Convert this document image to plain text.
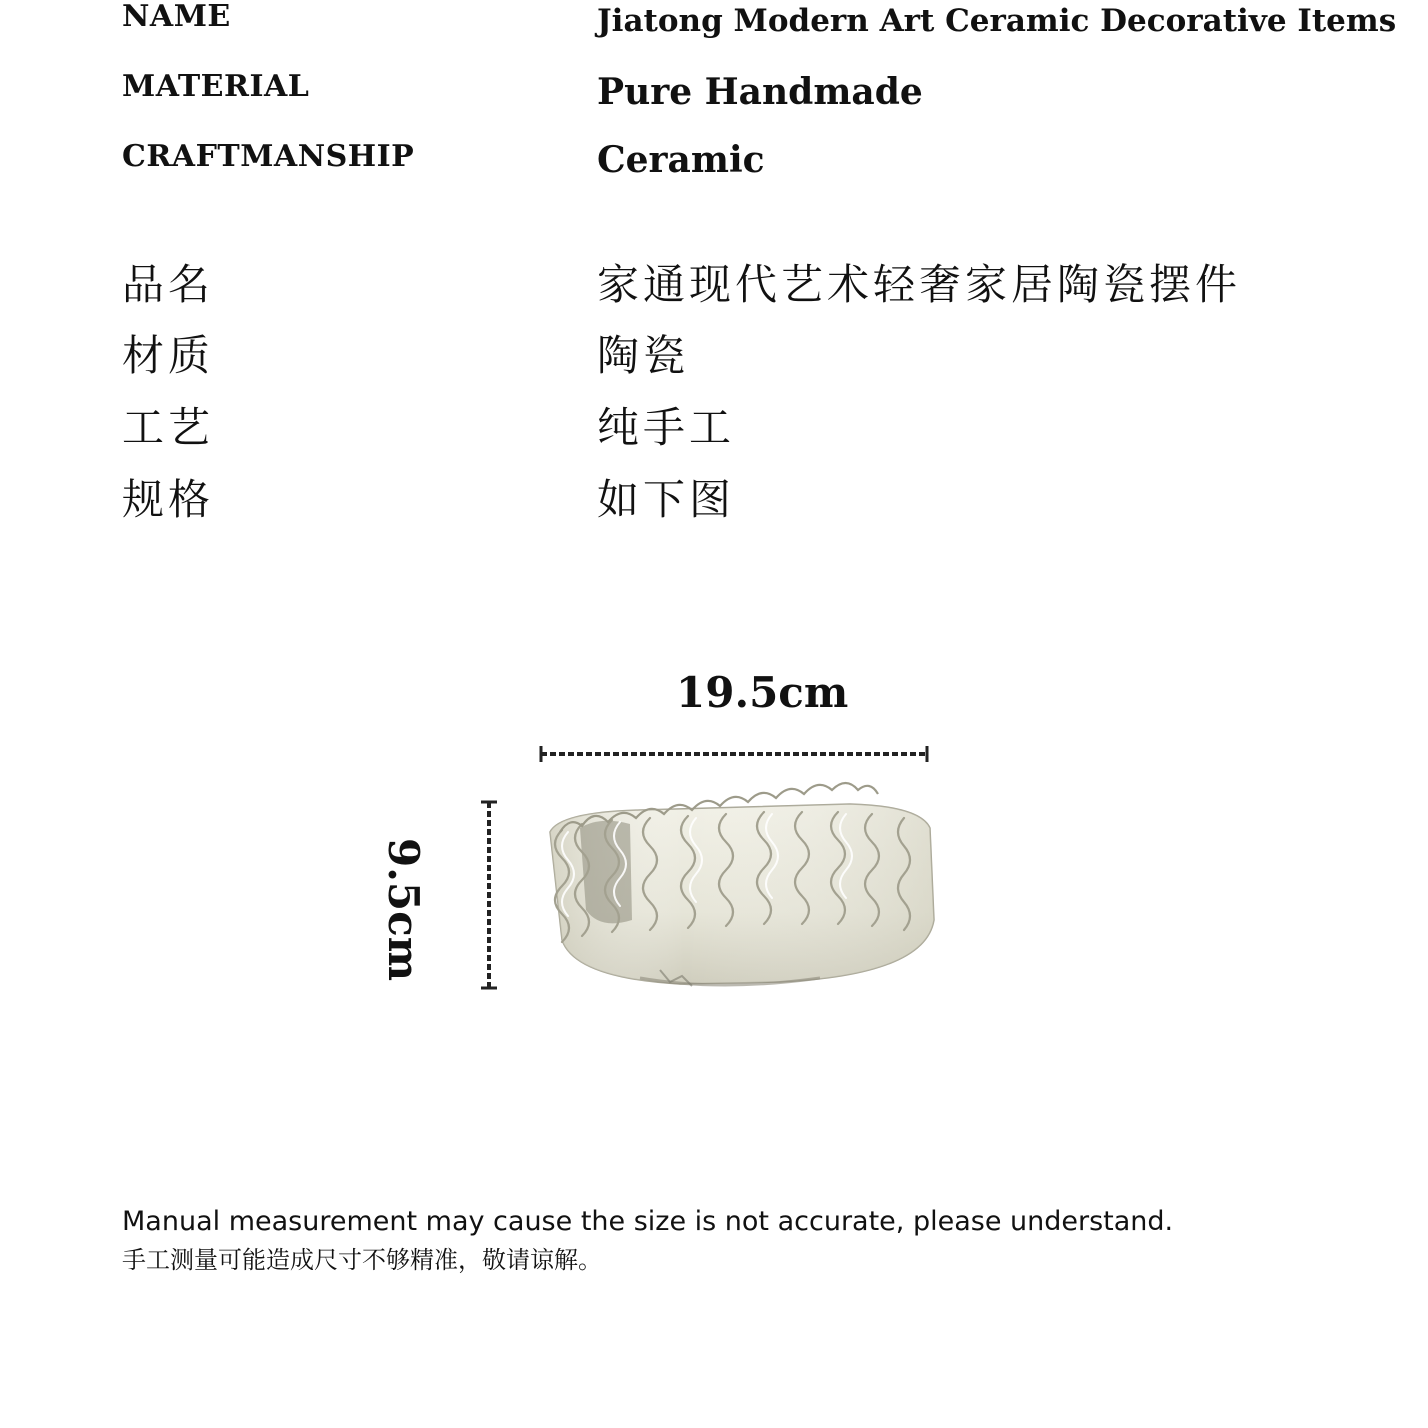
NAME	Jiatong Modern Art Ceramic Decorative Items
MATERIAL	Pure Handmade
CRAFTMANSHIP	Ceramic
品名	家通现代艺术轻奢家居陶瓷摆件
材质	陶瓷
工艺	纯手工
规格	如下图
19.5cm
9.5cm
Manual measurement may cause the size is not accurate, please understand.
手工测量可能造成尺寸不够精准，敬请谅解。
